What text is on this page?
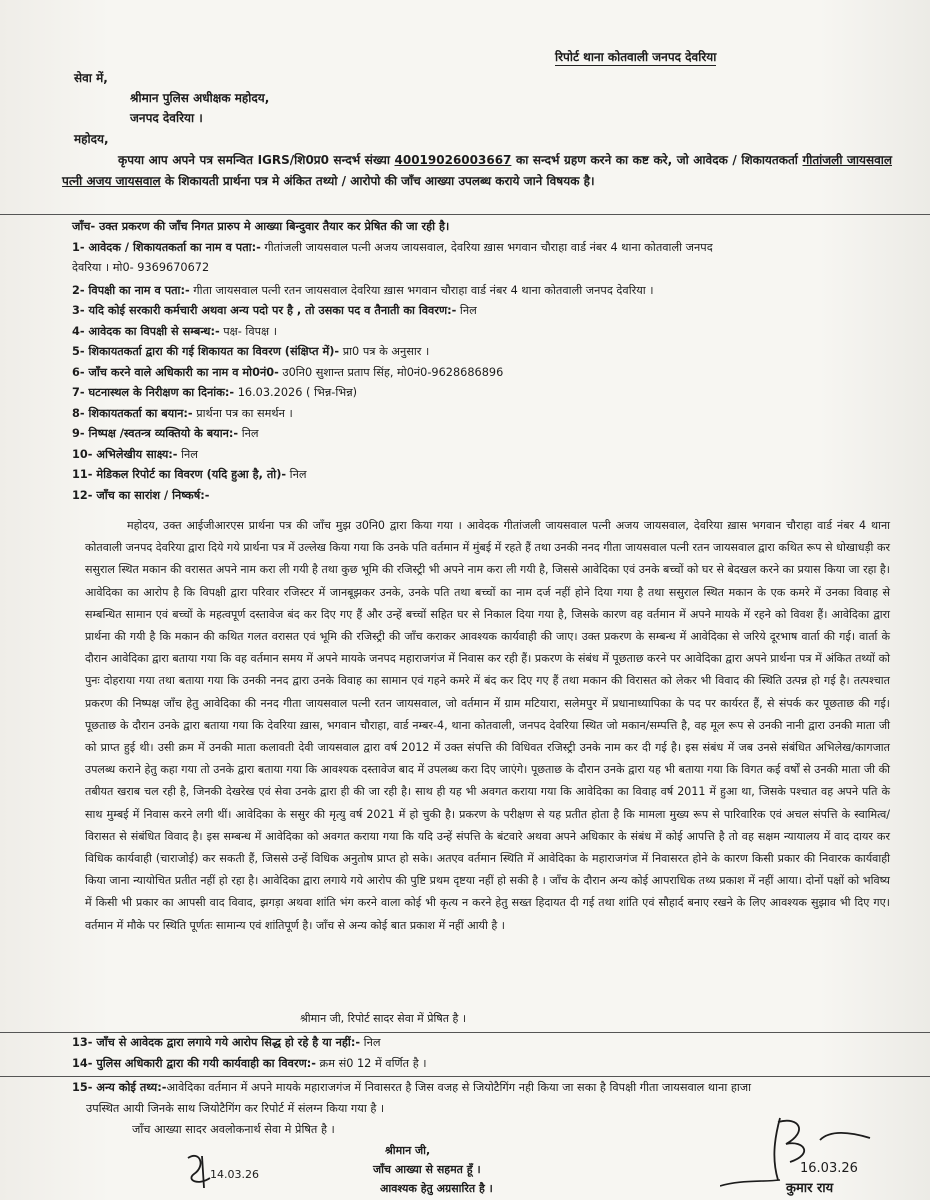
रिपोर्ट थाना कोतवाली जनपद देवरिया
सेवा में,
श्रीमान पुलिस अधीक्षक महोदय,
जनपद देवरिया ।
महोदय,
कृपया आप अपने पत्र समन्वित IGRS/शि0प्र0 सन्दर्भ संख्या 40019026003667 का सन्दर्भ ग्रहण करने का कष्ट करे, जो आवेदक / शिकायतकर्ता गीतांजली जायसवाल पत्नी अजय जायसवाल के शिकायती प्रार्थना पत्र मे अंकित तथ्यो / आरोपो की जाँच आख्या उपलब्ध कराये जाने विषयक है।
जाँच- उक्त प्रकरण की जाँच निगत प्रारुप मे आख्या बिन्दुवार तैयार कर प्रेषित की जा रही है।
1- आवेदक / शिकायतकर्ता का नाम व पता:- गीतांजली जायसवाल पत्नी अजय जायसवाल, देवरिया ख़ास भगवान चौराहा वार्ड नंबर 4 थाना कोतवाली जनपद
देवरिया । मो0- 9369670672
2- विपक्षी का नाम व पता:- गीता जायसवाल पत्नी रतन जायसवाल देवरिया ख़ास भगवान चौराहा वार्ड नंबर 4 थाना कोतवाली जनपद देवरिया ।
3- यदि कोई सरकारी कर्मचारी अथवा अन्य पदो पर है , तो उसका पद व तैनाती का विवरण:- निल
4- आवेदक का विपक्षी से सम्बन्ध:- पक्ष- विपक्ष ।
5- शिकायतकर्ता द्वारा की गई शिकायत का विवरण (संक्षिप्त में)- प्रा0 पत्र के अनुसार ।
6- जाँच करने वाले अधिकारी का नाम व मो0नं0- उ0नि0 सुशान्त प्रताप सिंह, मो0नं0-9628686896
7- घटनास्थल के निरीक्षण का दिनांक:- 16.03.2026 ( भिन्न-भिन्न)
8- शिकायतकर्ता का बयान:- प्रार्थना पत्र का समर्थन ।
9- निष्पक्ष /स्वतन्त्र व्यक्तियो के बयान:- निल
10- अभिलेखीय साक्ष्य:- निल
11- मेडिकल रिपोर्ट का विवरण (यदि हुआ है, तो)- निल
12- जाँच का सारांश / निष्कर्ष:-
महोदय, उक्त आईजीआरएस प्रार्थना पत्र की जाँच मुझ उ0नि0 द्वारा किया गया । आवेदक गीतांजली जायसवाल पत्नी अजय जायसवाल, देवरिया ख़ास भगवान चौराहा वार्ड नंबर 4 थाना कोतवाली जनपद देवरिया द्वारा दिये गये प्रार्थना पत्र में उल्लेख किया गया कि उनके पति वर्तमान में मुंबई में रहते हैं तथा उनकी ननद गीता जायसवाल पत्नी रतन जायसवाल द्वारा कथित रूप से धोखाधड़ी कर ससुराल स्थित मकान की वरासत अपने नाम करा ली गयी है तथा कुछ भूमि की रजिस्ट्री भी अपने नाम करा ली गयी है, जिससे आवेदिका एवं उनके बच्चों को घर से बेदखल करने का प्रयास किया जा रहा है। आवेदिका का आरोप है कि विपक्षी द्वारा परिवार रजिस्टर में जानबूझकर उनके, उनके पति तथा बच्चों का नाम दर्ज नहीं होने दिया गया है तथा ससुराल स्थित मकान के एक कमरे में उनका विवाह से सम्बन्धित सामान एवं बच्चों के महत्वपूर्ण दस्तावेज बंद कर दिए गए हैं और उन्हें बच्चों सहित घर से निकाल दिया गया है, जिसके कारण वह वर्तमान में अपने मायके में रहने को विवश हैं। आवेदिका द्वारा प्रार्थना की गयी है कि मकान की कथित गलत वरासत एवं भूमि की रजिस्ट्री की जाँच कराकर आवश्यक कार्यवाही की जाए। उक्त प्रकरण के सम्बन्ध में आवेदिका से जरिये दूरभाष वार्ता की गई। वार्ता के दौरान आवेदिका द्वारा बताया गया कि वह वर्तमान समय में अपने मायके जनपद महाराजगंज में निवास कर रही हैं। प्रकरण के संबंध में पूछताछ करने पर आवेदिका द्वारा अपने प्रार्थना पत्र में अंकित तथ्यों को पुनः दोहराया गया तथा बताया गया कि उनकी ननद द्वारा उनके विवाह का सामान एवं गहने कमरे में बंद कर दिए गए हैं तथा मकान की विरासत को लेकर भी विवाद की स्थिति उत्पन्न हो गई है। तत्पश्चात प्रकरण की निष्पक्ष जाँच हेतु आवेदिका की ननद गीता जायसवाल पत्नी रतन जायसवाल, जो वर्तमान में ग्राम मटियारा, सलेमपुर में प्रधानाध्यापिका के पद पर कार्यरत हैं, से संपर्क कर पूछताछ की गई। पूछताछ के दौरान उनके द्वारा बताया गया कि देवरिया ख़ास, भगवान चौराहा, वार्ड नम्बर-4, थाना कोतवाली, जनपद देवरिया स्थित जो मकान/सम्पत्ति है, वह मूल रूप से उनकी नानी द्वारा उनकी माता जी को प्राप्त हुई थी। उसी क्रम में उनकी माता कलावती देवी जायसवाल द्वारा वर्ष 2012 में उक्त संपत्ति की विधिवत रजिस्ट्री उनके नाम कर दी गई है। इस संबंध में जब उनसे संबंधित अभिलेख/कागजात उपलब्ध कराने हेतु कहा गया तो उनके द्वारा बताया गया कि आवश्यक दस्तावेज बाद में उपलब्ध करा दिए जाएंगे। पूछताछ के दौरान उनके द्वारा यह भी बताया गया कि विगत कई वर्षों से उनकी माता जी की तबीयत खराब चल रही है, जिनकी देखरेख एवं सेवा उनके द्वारा ही की जा रही है। साथ ही यह भी अवगत कराया गया कि आवेदिका का विवाह वर्ष 2011 में हुआ था, जिसके पश्चात वह अपने पति के साथ मुम्बई में निवास करने लगी थीं। आवेदिका के ससुर की मृत्यु वर्ष 2021 में हो चुकी है। प्रकरण के परीक्षण से यह प्रतीत होता है कि मामला मुख्य रूप से पारिवारिक एवं अचल संपत्ति के स्वामित्व/विरासत से संबंधित विवाद है। इस सम्बन्ध में आवेदिका को अवगत कराया गया कि यदि उन्हें संपत्ति के बंटवारे अथवा अपने अधिकार के संबंध में कोई आपत्ति है तो वह सक्षम न्यायालय में वाद दायर कर विधिक कार्यवाही (चाराजोई) कर सकती हैं, जिससे उन्हें विधिक अनुतोष प्राप्त हो सके। अतएव वर्तमान स्थिति में आवेदिका के महाराजगंज में निवासरत होने के कारण किसी प्रकार की निवारक कार्यवाही किया जाना न्यायोचित प्रतीत नहीं हो रहा है। आवेदिका द्वारा लगाये गये आरोप की पुष्टि प्रथम दृष्टया नहीं हो सकी है । जाँच के दौरान अन्य कोई आपराधिक तथ्य प्रकाश में नहीं आया। दोनों पक्षों को भविष्य में किसी भी प्रकार का आपसी वाद विवाद, झगड़ा अथवा शांति भंग करने वाला कोई भी कृत्य न करने हेतु सख्त हिदायत दी गई तथा शांति एवं सौहार्द बनाए रखने के लिए आवश्यक सुझाव भी दिए गए। वर्तमान में मौके पर स्थिति पूर्णतः सामान्य एवं शांतिपूर्ण है। जाँच से अन्य कोई बात प्रकाश में नहीं आयी है ।
श्रीमान जी, रिपोर्ट सादर सेवा में प्रेषित है ।
13- जाँच से आवेदक द्वारा लगाये गये आरोप सिद्ध हो रहे है या नहीं:- निल
14- पुलिस अधिकारी द्वारा की गयी कार्यवाही का विवरण:- क्रम सं0 12 में वर्णित है ।
15- अन्य कोई तथ्य:-आवेदिका वर्तमान में अपने मायके महाराजगंज में निवासरत है जिस वजह से जियोटैगिंग नही किया जा सका है विपक्षी गीता जायसवाल थाना हाजा
उपस्थित आयी जिनके साथ जियोटैगिंग कर रिपोर्ट में संलग्न किया गया है ।
जाँच आख्या सादर अवलोकनार्थ सेवा मे प्रेषित है ।
श्रीमान जी,
जाँच आख्या से सहमत हूँ ।
आवश्यक हेतु अग्रसारित है ।
14.03.26	16.03.26
कुमार राय
